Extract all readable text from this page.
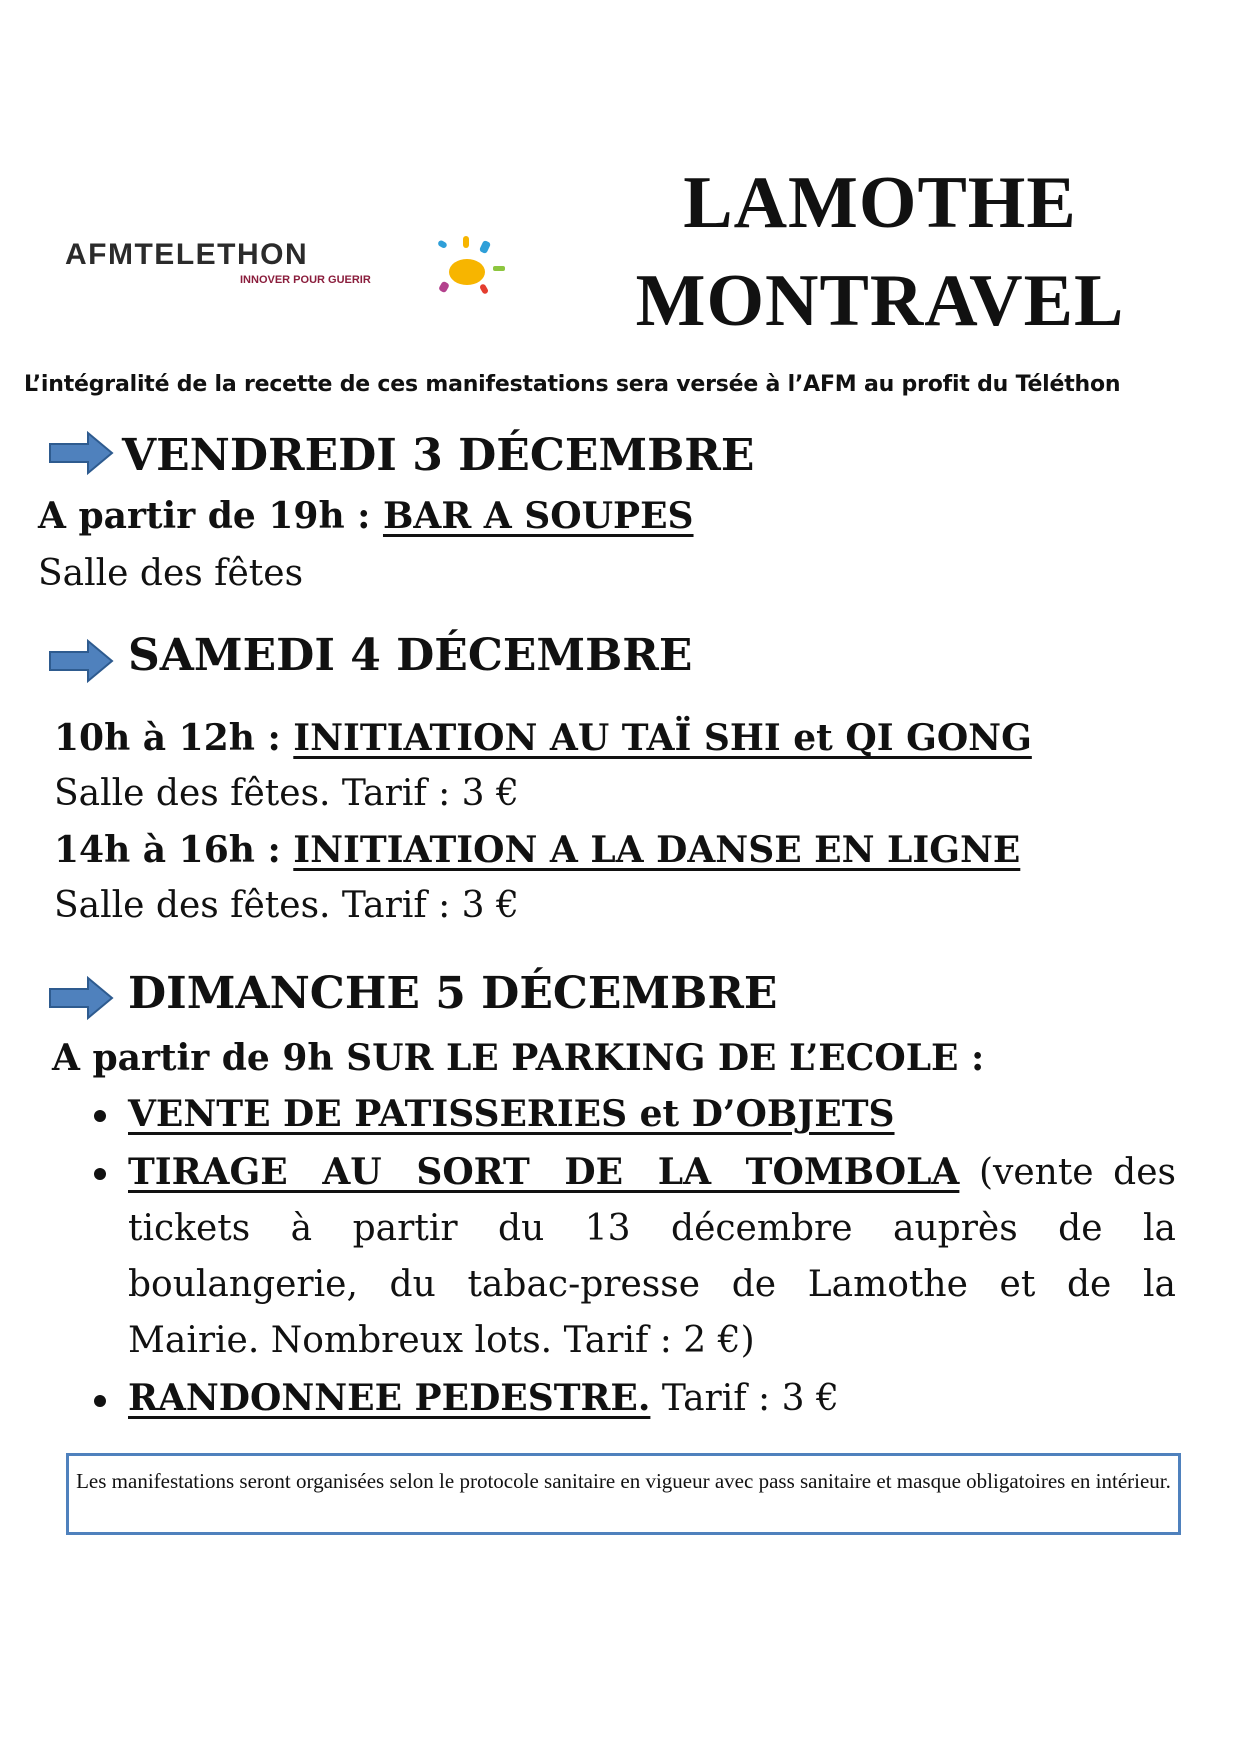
AFMTELETHON
INNOVER POUR GUERIR
LAMOTHE
MONTRAVEL
L’intégralité de la recette de ces manifestations sera versée à l’AFM au profit du Téléthon
VENDREDI 3 DÉCEMBRE
A partir de 19h : BAR A SOUPES
Salle des fêtes
SAMEDI 4 DÉCEMBRE
10h à 12h : INITIATION AU TAÏ SHI et QI GONG
Salle des fêtes. Tarif : 3 €
14h à 16h : INITIATION A LA DANSE EN LIGNE
Salle des fêtes. Tarif : 3 €
DIMANCHE 5 DÉCEMBRE
A partir de 9h SUR LE PARKING DE L’ECOLE :
VENTE DE PATISSERIES et D’OBJETS
TIRAGE AU SORT DE LA TOMBOLA (vente des tickets à partir du 13 décembre auprès de la boulangerie, du tabac-presse de Lamothe et de la Mairie. Nombreux lots. Tarif : 2 €)
RANDONNEE PEDESTRE. Tarif : 3 €
Les manifestations seront organisées selon le protocole sanitaire en vigueur avec pass sanitaire et masque obligatoires en intérieur.
